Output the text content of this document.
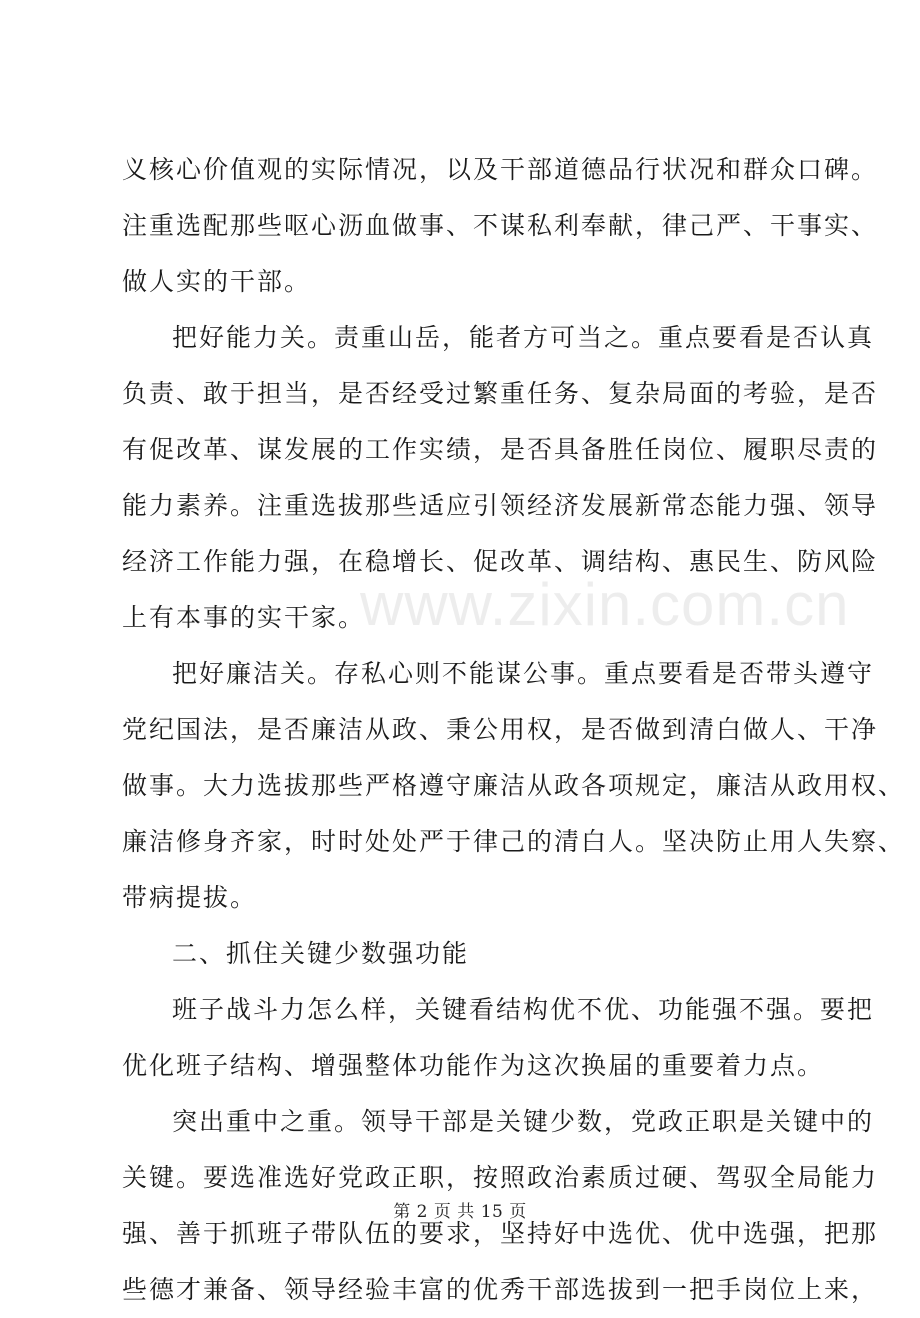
www.zixin.com.cn
义核心价值观的实际情况，以及干部道德品行状况和群众口碑。
注重选配那些呕心沥血做事、不谋私利奉献，律己严、干事实、
做人实的干部。
把好能力关。责重山岳，能者方可当之。重点要看是否认真
负责、敢于担当，是否经受过繁重任务、复杂局面的考验，是否
有促改革、谋发展的工作实绩，是否具备胜任岗位、履职尽责的
能力素养。注重选拔那些适应引领经济发展新常态能力强、领导
经济工作能力强，在稳增长、促改革、调结构、惠民生、防风险
上有本事的实干家。
把好廉洁关。存私心则不能谋公事。重点要看是否带头遵守
党纪国法，是否廉洁从政、秉公用权，是否做到清白做人、干净
做事。大力选拔那些严格遵守廉洁从政各项规定，廉洁从政用权、
廉洁修身齐家，时时处处严于律己的清白人。坚决防止用人失察、
带病提拔。
二、抓住关键少数强功能
班子战斗力怎么样，关键看结构优不优、功能强不强。要把
优化班子结构、增强整体功能作为这次换届的重要着力点。
突出重中之重。领导干部是关键少数，党政正职是关键中的
关键。要选准选好党政正职，按照政治素质过硬、驾驭全局能力
强、善于抓班子带队伍的要求，坚持好中选优、优中选强，把那
些德才兼备、领导经验丰富的优秀干部选拔到一把手岗位上来，
第 2 页 共 15 页
